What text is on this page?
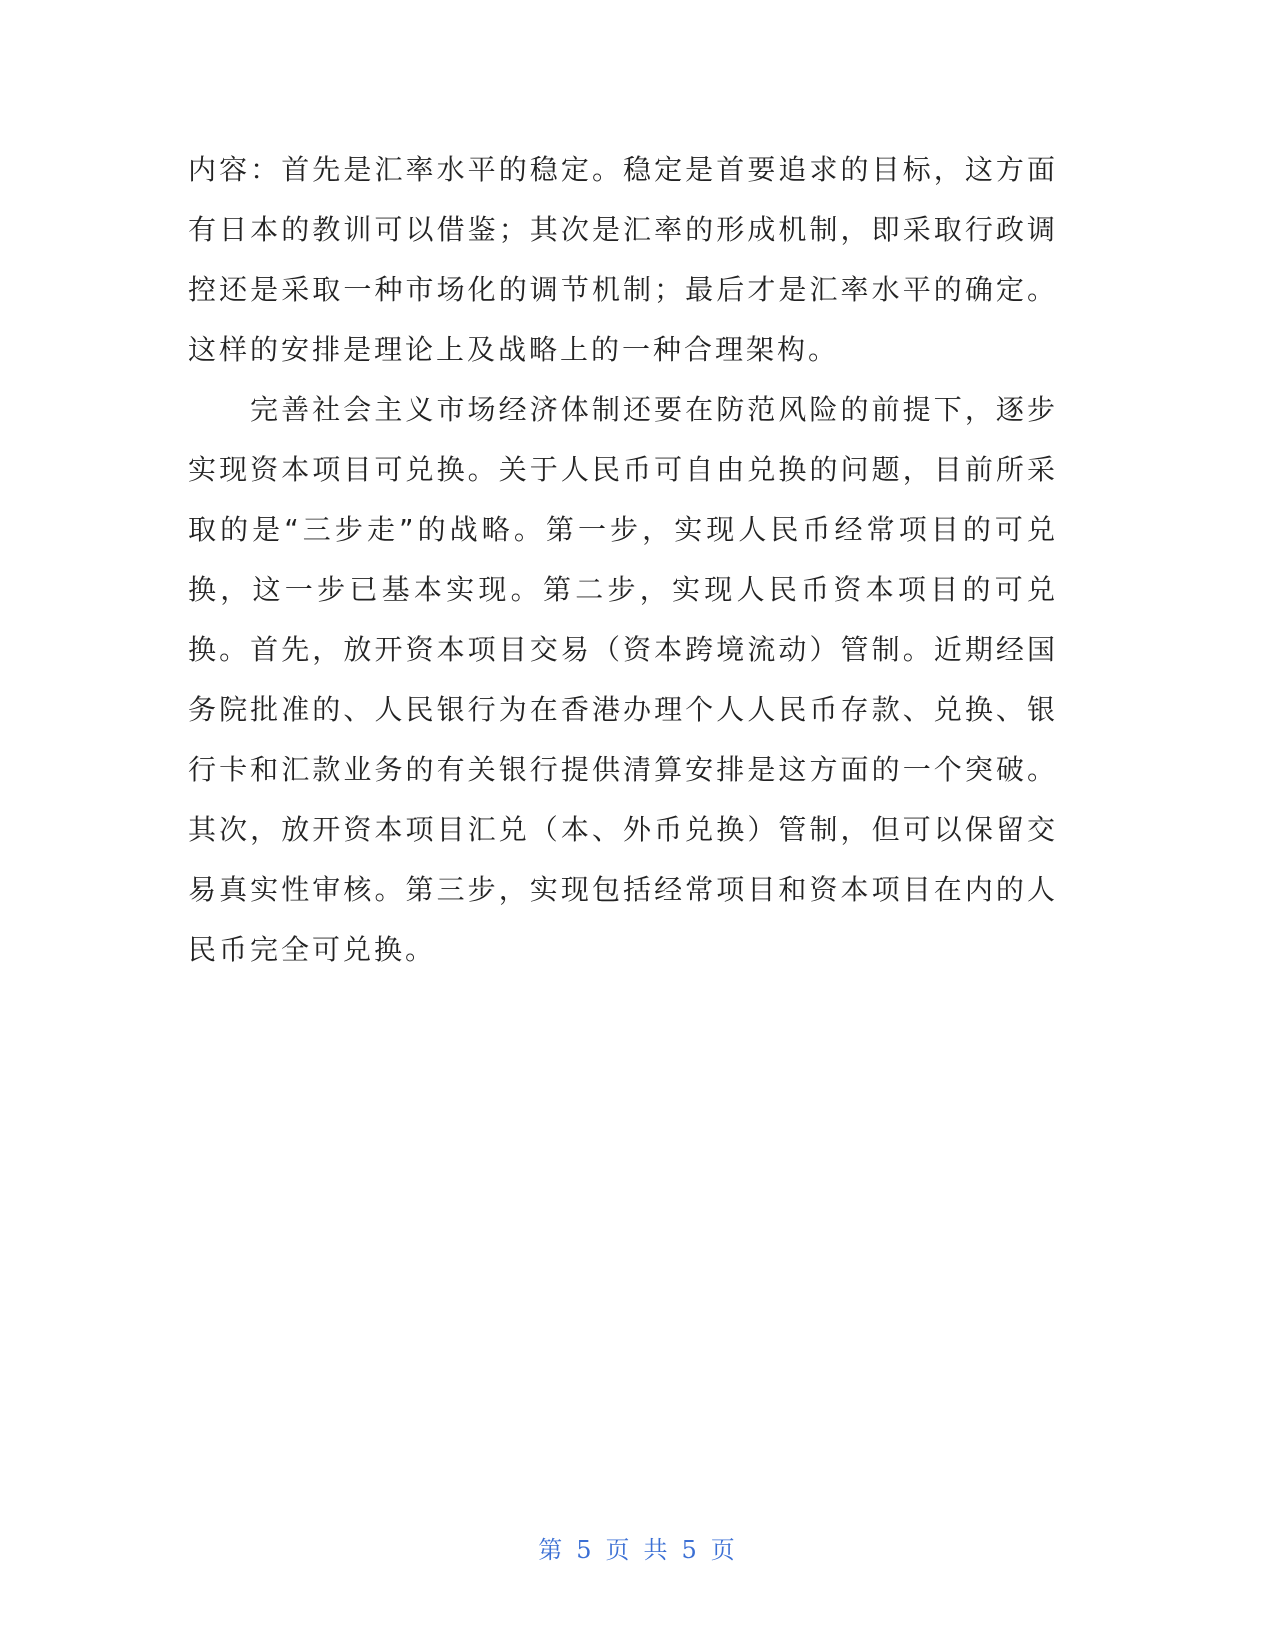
内容：首先是汇率水平的稳定。稳定是首要追求的目标，这方面有日本的教训可以借鉴；其次是汇率的形成机制，即采取行政调控还是采取一种市场化的调节机制；最后才是汇率水平的确定。这样的安排是理论上及战略上的一种合理架构。

完善社会主义市场经济体制还要在防范风险的前提下，逐步实现资本项目可兑换。关于人民币可自由兑换的问题，目前所采取的是“三步走”的战略。第一步，实现人民币经常项目的可兑换，这一步已基本实现。第二步，实现人民币资本项目的可兑换。首先，放开资本项目交易（资本跨境流动）管制。近期经国务院批准的、人民银行为在香港办理个人人民币存款、兑换、银行卡和汇款业务的有关银行提供清算安排是这方面的一个突破。其次，放开资本项目汇兑（本、外币兑换）管制，但可以保留交易真实性审核。第三步，实现包括经常项目和资本项目在内的人民币完全可兑换。

第 5 页 共 5 页
